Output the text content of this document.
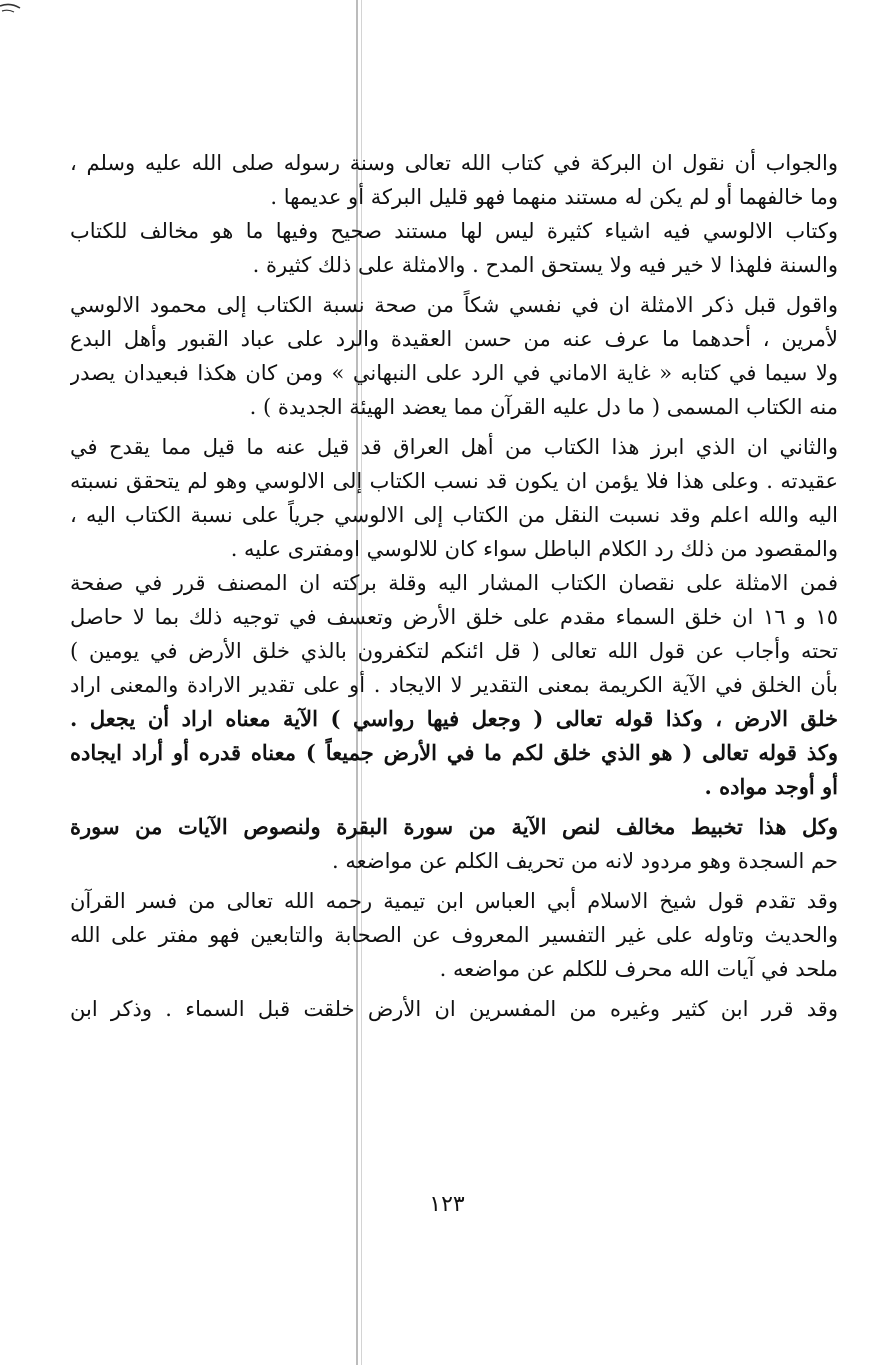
والجواب أن نقول ان البركة في كتاب الله تعالى وسنة رسوله صلى الله عليه وسلم ،
وما خالفهما أو لم يكن له مستند منهما فهو قليل البركة أو عديمها .
وكتاب الالوسي فيه اشياء كثيرة ليس لها مستند صحيح وفيها ما هو مخالف للكتاب
والسنة فلهذا لا خير فيه ولا يستحق المدح . والامثلة على ذلك كثيرة .
واقول قبل ذكر الامثلة ان في نفسي شكاً من صحة نسبة الكتاب إلى محمود الالوسي
لأمرين ، أحدهما ما عرف عنه من حسن العقيدة والرد على عباد القبور وأهل البدع
ولا سيما في كتابه « غاية الاماني في الرد على النبهاني » ومن كان هكذا فبعيدان يصدر
منه الكتاب المسمى ( ما دل عليه القرآن مما يعضد الهيئة الجديدة ) .
والثاني ان الذي ابرز هذا الكتاب من أهل العراق قد قيل عنه ما قيل مما يقدح في
عقيدته . وعلى هذا فلا يؤمن ان يكون قد نسب الكتاب إلى الالوسي وهو لم يتحقق نسبته
اليه والله اعلم وقد نسبت النقل من الكتاب إلى الالوسي جرياً على نسبة الكتاب اليه ،
والمقصود من ذلك رد الكلام الباطل سواء كان للالوسي اومفترى عليه .
فمن الامثلة على نقصان الكتاب المشار اليه وقلة بركته ان المصنف قرر في صفحة
١٥ و ١٦ ان خلق السماء مقدم على خلق الأرض وتعسف في توجيه ذلك بما لا حاصل
تحته وأجاب عن قول الله تعالى ( قل ائنكم لتكفرون بالذي خلق الأرض في يومين )
بأن الخلق في الآية الكريمة بمعنى التقدير لا الايجاد . أو على تقدير الارادة والمعنى اراد
خلق الارض ، وكذا قوله تعالى ( وجعل فيها رواسي ) الآية معناه اراد أن يجعل .
وكذ قوله تعالى ( هو الذي خلق لكم ما في الأرض جميعاً ) معناه قدره أو أراد ايجاده
أو أوجد مواده .
وكل هذا تخبيط مخالف لنص الآية من سورة البقرة ولنصوص الآيات من سورة
حم السجدة وهو مردود لانه من تحريف الكلم عن مواضعه .
وقد تقدم قول شيخ الاسلام أبي العباس ابن تيمية رحمه الله تعالى من فسر القرآن
والحديث وتاوله على غير التفسير المعروف عن الصحابة والتابعين فهو مفتر على الله
ملحد في آيات الله محرف للكلم عن مواضعه .
وقد قرر ابن كثير وغيره من المفسرين ان الأرض خلقت قبل السماء . وذكر ابن
١٢٣
